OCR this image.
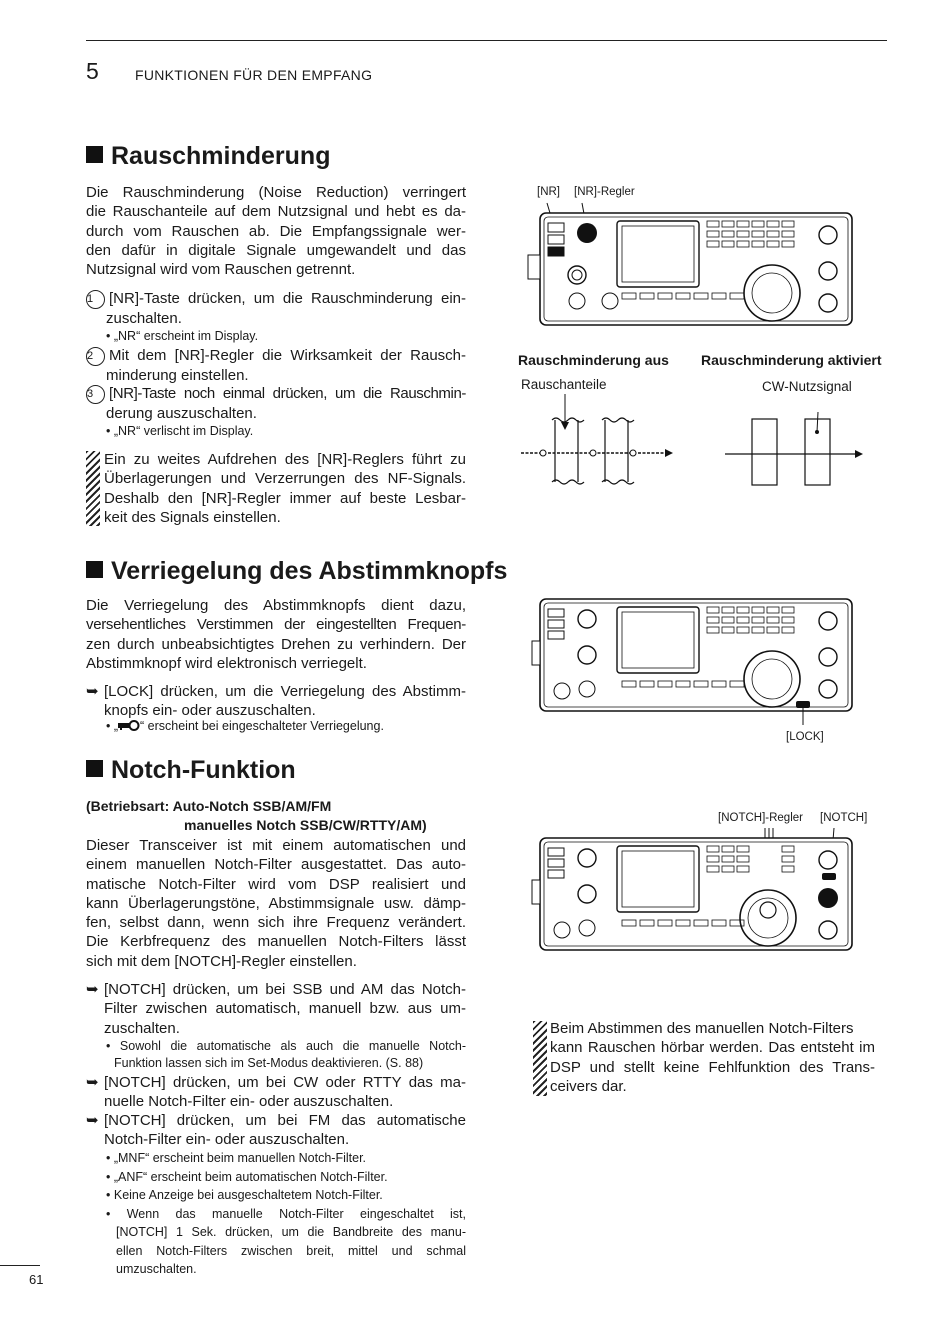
5	FUNKTIONEN FÜR DEN EMPFANG
Rauschminderung
Die Rauschminderung (Noise Reduction) verringert
die Rauschanteile auf dem Nutzsignal und hebt es da-
durch vom Rauschen ab. Die Empfangssignale wer-
den dafür in digitale Signale umgewandelt und das
Nutzsignal wird vom Rauschen getrennt.
1 [NR]-Taste drücken, um die Rauschminderung ein-
zuschalten.
• „NR“ erscheint im Display.
2 Mit dem [NR]-Regler die Wirksamkeit der Rausch-
minderung einstellen.
3 [NR]-Taste noch einmal drücken, um die Rauschmin-
derung auszuschalten.
• „NR“ verlischt im Display.
Ein zu weites Aufdrehen des [NR]-Reglers führt zu
Überlagerungen und Verzerrungen des NF-Signals.
Deshalb den [NR]-Regler immer auf beste Lesbar-
keit des Signals einstellen.
[NR] [NR]-Regler
Rauschminderung aus Rauschminderung aktiviert
Rauschanteile	CW-Nutzsignal
Verriegelung des Abstimmknopfs
Die Verriegelung des Abstimmknopfs dient dazu,
versehentliches Verstimmen der eingestellten Frequen-
zen durch unbeabsichtigtes Drehen zu verhindern. Der
Abstimmknopf wird elektronisch verriegelt.
➥ [LOCK] drücken, um die Verriegelung des Abstimm-
knopfs ein- oder auszuschalten.
• „ “ erscheint bei eingeschalteter Verriegelung.
[LOCK]
Notch-Funktion
(Betriebsart: Auto-Notch SSB/AM/FM
manuelles Notch SSB/CW/RTTY/AM)
Dieser Transceiver ist mit einem automatischen und
einem manuellen Notch-Filter ausgestattet. Das auto-
matische Notch-Filter wird vom DSP realisiert und
kann Überlagerungstöne, Abstimmsignale usw. dämp-
fen, selbst dann, wenn sich ihre Frequenz verändert.
Die Kerbfrequenz des manuellen Notch-Filters lässt
sich mit dem [NOTCH]-Regler einstellen.
➥ [NOTCH] drücken, um bei SSB und AM das Notch-
Filter zwischen automatisch, manuell bzw. aus um-
zuschalten.
• Sowohl die automatische als auch die manuelle Notch-
Funktion lassen sich im Set-Modus deaktivieren. (S. 88)
➥ [NOTCH] drücken, um bei CW oder RTTY das ma-
nuelle Notch-Filter ein- oder auszuschalten.
➥ [NOTCH] drücken, um bei FM das automatische
Notch-Filter ein- oder auszuschalten.
• „MNF“ erscheint beim manuellen Notch-Filter.
• „ANF“ erscheint beim automatischen Notch-Filter.
• Keine Anzeige bei ausgeschaltetem Notch-Filter.
• Wenn das manuelle Notch-Filter eingeschaltet ist,
[NOTCH] 1 Sek. drücken, um die Bandbreite des manu-
ellen Notch-Filters zwischen breit, mittel und schmal
umzuschalten.
[NOTCH]-Regler [NOTCH]
Beim Abstimmen des manuellen Notch-Filters
kann Rauschen hörbar werden. Das entsteht im
DSP und stellt keine Fehlfunktion des Trans-
ceivers dar.
61
